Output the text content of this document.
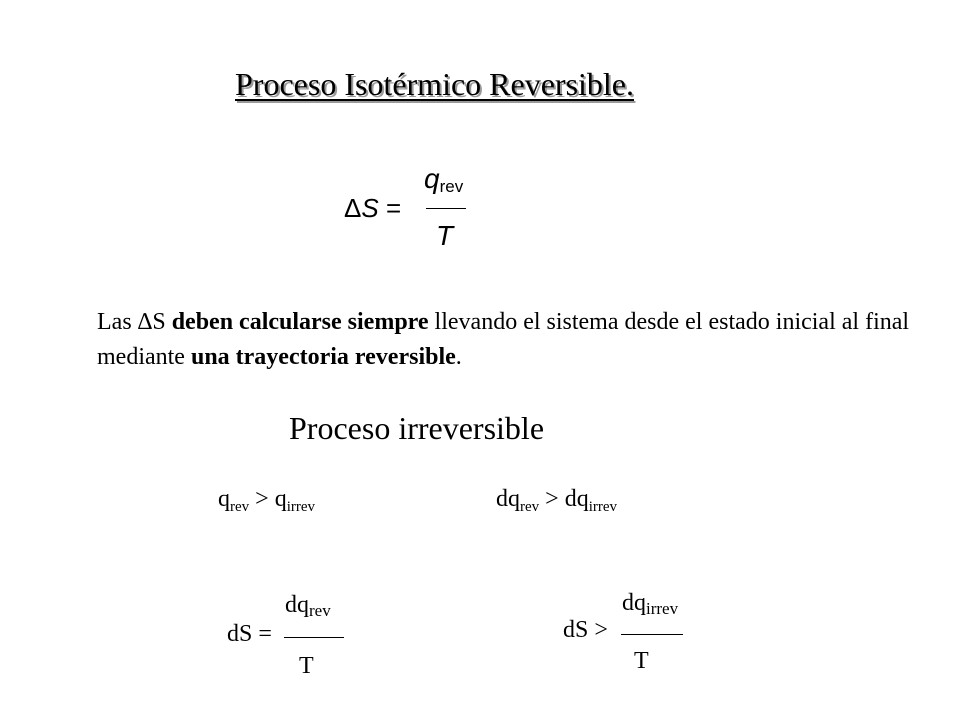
Proceso Isotérmico Reversible.
ΔS =
qrev
T
Las ∆S deben calcularse siempre llevando el sistema desde el estado inicial al final mediante una trayectoria reversible.
Proceso irreversible
$q_{rev} > q_{irrev}$	$dq_{rev} > dq_{irrev}$
dS =
$dq_{rev}$
T
dS >
$dq_{irrev}$
T
